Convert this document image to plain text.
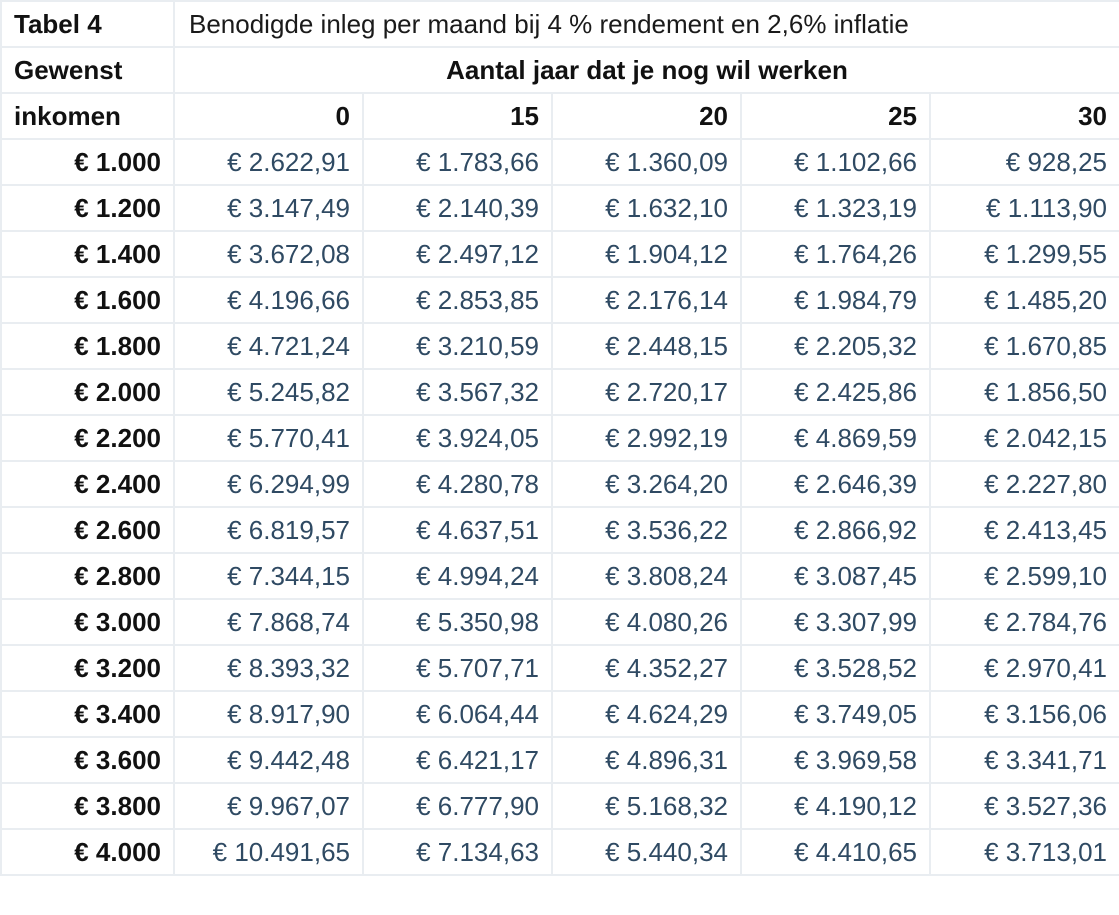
Tabel 4	Benodigde inleg per maand bij 4 % rendement en 2,6% inflatie				
Gewenst	Aantal jaar dat je nog wil werken				
inkomen	0	15	20	25	30
€ 1.000	€ 2.622,91	€ 1.783,66	€ 1.360,09	€ 1.102,66	€ 928,25
€ 1.200	€ 3.147,49	€ 2.140,39	€ 1.632,10	€ 1.323,19	€ 1.113,90
€ 1.400	€ 3.672,08	€ 2.497,12	€ 1.904,12	€ 1.764,26	€ 1.299,55
€ 1.600	€ 4.196,66	€ 2.853,85	€ 2.176,14	€ 1.984,79	€ 1.485,20
€ 1.800	€ 4.721,24	€ 3.210,59	€ 2.448,15	€ 2.205,32	€ 1.670,85
€ 2.000	€ 5.245,82	€ 3.567,32	€ 2.720,17	€ 2.425,86	€ 1.856,50
€ 2.200	€ 5.770,41	€ 3.924,05	€ 2.992,19	€ 4.869,59	€ 2.042,15
€ 2.400	€ 6.294,99	€ 4.280,78	€ 3.264,20	€ 2.646,39	€ 2.227,80
€ 2.600	€ 6.819,57	€ 4.637,51	€ 3.536,22	€ 2.866,92	€ 2.413,45
€ 2.800	€ 7.344,15	€ 4.994,24	€ 3.808,24	€ 3.087,45	€ 2.599,10
€ 3.000	€ 7.868,74	€ 5.350,98	€ 4.080,26	€ 3.307,99	€ 2.784,76
€ 3.200	€ 8.393,32	€ 5.707,71	€ 4.352,27	€ 3.528,52	€ 2.970,41
€ 3.400	€ 8.917,90	€ 6.064,44	€ 4.624,29	€ 3.749,05	€ 3.156,06
€ 3.600	€ 9.442,48	€ 6.421,17	€ 4.896,31	€ 3.969,58	€ 3.341,71
€ 3.800	€ 9.967,07	€ 6.777,90	€ 5.168,32	€ 4.190,12	€ 3.527,36
€ 4.000	€ 10.491,65	€ 7.134,63	€ 5.440,34	€ 4.410,65	€ 3.713,01
